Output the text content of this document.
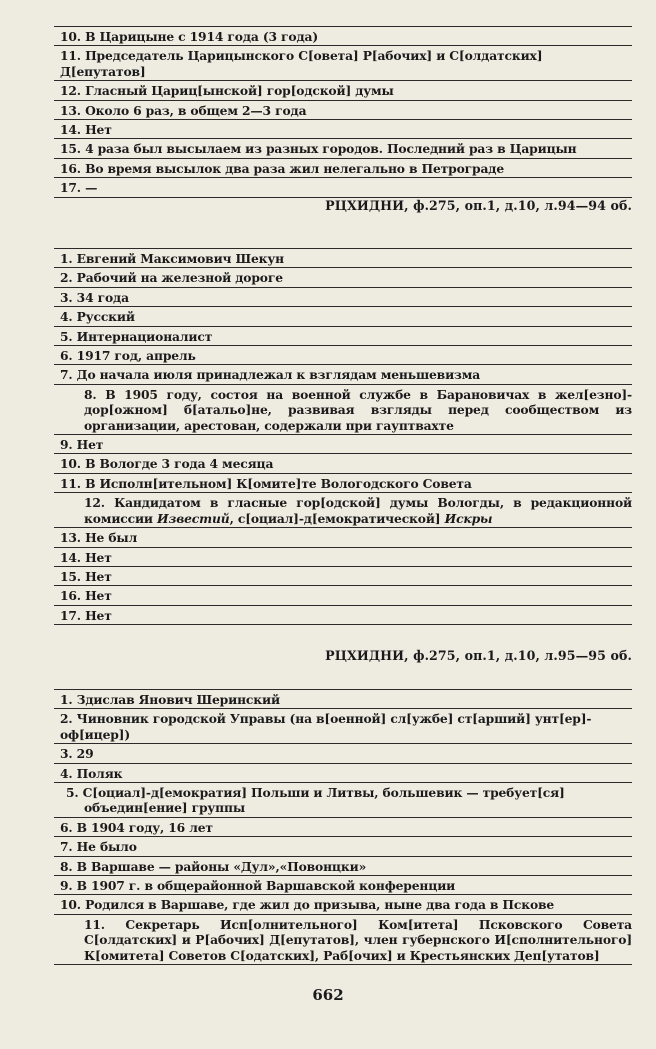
10. В Царицыне с 1914 года (3 года)
11. Председатель Царицынского С[овета] Р[абочих] и С[олдатских] Д[епутатов]
12. Гласный Цариц[ынской] гор[одской] думы
13. Около 6 раз, в общем 2—3 года
14. Нет
15. 4 раза был высылаем из разных городов. Последний раз в Царицын
16. Во время высылок два раза жил нелегально в Петрограде
17. —
РЦХИДНИ, ф.275, оп.1, д.10, л.94—94 об.
1. Евгений Максимович Шекун
2. Рабочий на железной дороге
3. 34 года
4. Русский
5. Интернационалист
6. 1917 год, апрель
7. До начала июля принадлежал к взглядам меньшевизма
8. В 1905 году, состоя на военной службе в Барановичах в жел[езно]-дор[ожном] б[атальо]не, развивая взгляды перед сообществом из организации, арестован, содержали при гауптвахте
9. Нет
10. В Вологде 3 года 4 месяца
11. В Исполн[ительном] К[омите]те Вологодского Совета
12. Кандидатом в гласные гор[одской] думы Вологды, в редакционной комиссии Известий, с[оциал]-д[емократической] Искры
13. Не был
14. Нет
15. Нет
16. Нет
17. Нет
РЦХИДНИ, ф.275, оп.1, д.10, л.95—95 об.
1. Здислав Янович Шеринский
2. Чиновник городской Управы (на в[оенной] сл[ужбе] ст[арший] унт[ер]-оф[ицер])
3. 29
4. Поляк
5. С[оциал]-д[емократия] Польши и Литвы, большевик — требует[ся] объедин[ение] группы
6. В 1904 году, 16 лет
7. Не было
8. В Варшаве — районы «Дул»,«Повонцки»
9. В 1907 г. в общерайонной Варшавской конференции
10. Родился в Варшаве, где жил до призыва, ныне два года в Пскове
11. Секретарь Исп[олнительного] Ком[итета] Псковского Совета С[олдатских] и Р[абочих] Д[епутатов], член губернского И[сполнительного] К[омитета] Советов С[одатских], Раб[очих] и Крестьянских Деп[утатов]
662
